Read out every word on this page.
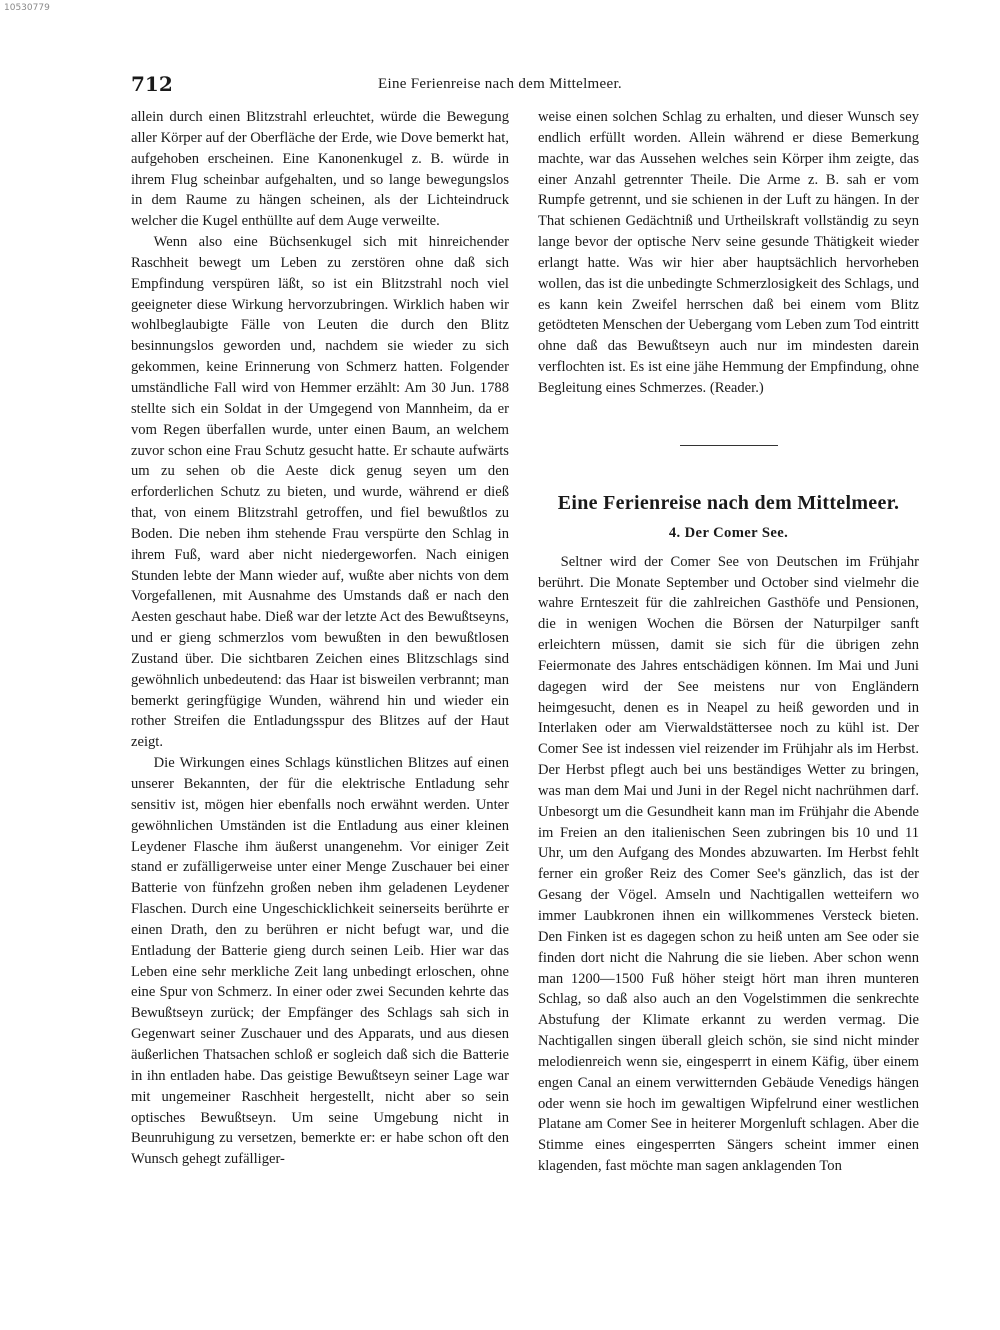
10530779
712	Eine Ferienreise nach dem Mittelmeer.

allein durch einen Blitzstrahl erleuchtet, würde die Bewegung aller Körper auf der Oberfläche der Erde, wie Dove bemerkt hat, aufgehoben erscheinen. Eine Kanonenkugel z. B. würde in ihrem Flug scheinbar aufgehalten, und so lange bewegungslos in dem Raume zu hängen scheinen, als der Lichteindruck welcher die Kugel enthüllte auf dem Auge verweilte.

Wenn also eine Büchsenkugel sich mit hinreichender Raschheit bewegt um Leben zu zerstören ohne daß sich Empfindung verspüren läßt, so ist ein Blitzstrahl noch viel geeigneter diese Wirkung hervorzubringen. Wirklich haben wir wohlbeglaubigte Fälle von Leuten die durch den Blitz besinnungslos geworden und, nachdem sie wieder zu sich gekommen, keine Erinnerung von Schmerz hatten. Folgender umständliche Fall wird von Hemmer erzählt: Am 30 Jun. 1788 stellte sich ein Soldat in der Umgegend von Mannheim, da er vom Regen überfallen wurde, unter einen Baum, an welchem zuvor schon eine Frau Schutz gesucht hatte. Er schaute aufwärts um zu sehen ob die Aeste dick genug seyen um den erforderlichen Schutz zu bieten, und wurde, während er dieß that, von einem Blitzstrahl getroffen, und fiel bewußtlos zu Boden. Die neben ihm stehende Frau verspürte den Schlag in ihrem Fuß, ward aber nicht niedergeworfen. Nach einigen Stunden lebte der Mann wieder auf, wußte aber nichts von dem Vorgefallenen, mit Ausnahme des Umstands daß er nach den Aesten geschaut habe. Dieß war der letzte Act des Bewußtseyns, und er gieng schmerzlos vom bewußten in den bewußtlosen Zustand über. Die sichtbaren Zeichen eines Blitzschlags sind gewöhnlich unbedeutend: das Haar ist bisweilen verbrannt; man bemerkt geringfügige Wunden, während hin und wieder ein rother Streifen die Entladungsspur des Blitzes auf der Haut zeigt.

Die Wirkungen eines Schlags künstlichen Blitzes auf einen unserer Bekannten, der für die elektrische Entladung sehr sensitiv ist, mögen hier ebenfalls noch erwähnt werden. Unter gewöhnlichen Umständen ist die Entladung aus einer kleinen Leydener Flasche ihm äußerst unangenehm. Vor einiger Zeit stand er zufälligerweise unter einer Menge Zuschauer bei einer Batterie von fünfzehn großen neben ihm geladenen Leydener Flaschen. Durch eine Ungeschicklichkeit seinerseits berührte er einen Drath, den zu berühren er nicht befugt war, und die Entladung der Batterie gieng durch seinen Leib. Hier war das Leben eine sehr merkliche Zeit lang unbedingt erloschen, ohne eine Spur von Schmerz. In einer oder zwei Secunden kehrte das Bewußtseyn zurück; der Empfänger des Schlags sah sich in Gegenwart seiner Zuschauer und des Apparats, und aus diesen äußerlichen Thatsachen schloß er sogleich daß sich die Batterie in ihn entladen habe. Das geistige Bewußtseyn seiner Lage war mit ungemeiner Raschheit hergestellt, nicht aber so sein optisches Bewußtseyn. Um seine Umgebung nicht in Beunruhigung zu versetzen, bemerkte er: er habe schon oft den Wunsch gehegt zufälliger-

weise einen solchen Schlag zu erhalten, und dieser Wunsch sey endlich erfüllt worden. Allein während er diese Bemerkung machte, war das Aussehen welches sein Körper ihm zeigte, das einer Anzahl getrennter Theile. Die Arme z. B. sah er vom Rumpfe getrennt, und sie schienen in der Luft zu hängen. In der That schienen Gedächtniß und Urtheilskraft vollständig zu seyn lange bevor der optische Nerv seine gesunde Thätigkeit wieder erlangt hatte. Was wir hier aber hauptsächlich hervorheben wollen, das ist die unbedingte Schmerzlosigkeit des Schlags, und es kann kein Zweifel herrschen daß bei einem vom Blitz getödteten Menschen der Uebergang vom Leben zum Tod eintritt ohne daß das Bewußtseyn auch nur im mindesten darein verflochten ist. Es ist eine jähe Hemmung der Empfindung, ohne Begleitung eines Schmerzes. (Reader.)

Eine Ferienreise nach dem Mittelmeer.
4. Der Comer See.

Seltner wird der Comer See von Deutschen im Frühjahr berührt. Die Monate September und October sind vielmehr die wahre Ernteszeit für die zahlreichen Gasthöfe und Pensionen, die in wenigen Wochen die Börsen der Naturpilger sanft erleichtern müssen, damit sie sich für die übrigen zehn Feiermonate des Jahres entschädigen können. Im Mai und Juni dagegen wird der See meistens nur von Engländern heimgesucht, denen es in Neapel zu heiß geworden und in Interlaken oder am Vierwaldstättersee noch zu kühl ist. Der Comer See ist indessen viel reizender im Frühjahr als im Herbst. Der Herbst pflegt auch bei uns beständiges Wetter zu bringen, was man dem Mai und Juni in der Regel nicht nachrühmen darf. Unbesorgt um die Gesundheit kann man im Frühjahr die Abende im Freien an den italienischen Seen zubringen bis 10 und 11 Uhr, um den Aufgang des Mondes abzuwarten. Im Herbst fehlt ferner ein großer Reiz des Comer See's gänzlich, das ist der Gesang der Vögel. Amseln und Nachtigallen wetteifern wo immer Laubkronen ihnen ein willkommenes Versteck bieten. Den Finken ist es dagegen schon zu heiß unten am See oder sie finden dort nicht die Nahrung die sie lieben. Aber schon wenn man 1200—1500 Fuß höher steigt hört man ihren munteren Schlag, so daß also auch an den Vogelstimmen die senkrechte Abstufung der Klimate erkannt zu werden vermag. Die Nachtigallen singen überall gleich schön, sie sind nicht minder melodienreich wenn sie, eingesperrt in einem Käfig, über einem engen Canal an einem verwitternden Gebäude Venedigs hängen oder wenn sie hoch im gewaltigen Wipfelrund einer westlichen Platane am Comer See in heiterer Morgenluft schlagen. Aber die Stimme eines eingesperrten Sängers scheint immer einen klagenden, fast möchte man sagen anklagenden Ton
